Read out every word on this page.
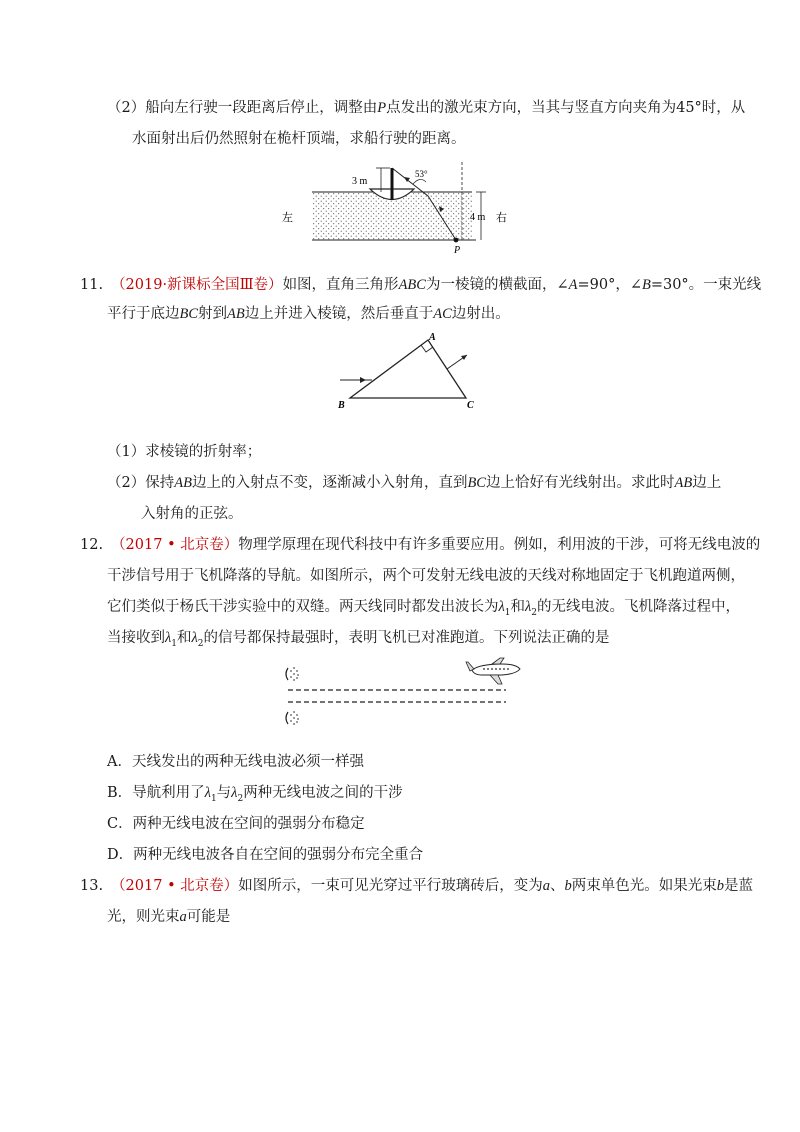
（2）船向左行驶一段距离后停止，调整由P点发出的激光束方向，当其与竖直方向夹角为45°时，从
水面射出后仍然照射在桅杆顶端，求船行驶的距离。
3 m
53°
4 m
P
左	右
11. （2019·新课标全国Ⅲ卷）如图，直角三角形ABC为一棱镜的横截面，∠A=90°，∠B=30°。一束光线
平行于底边BC射到AB边上并进入棱镜，然后垂直于AC边射出。
A
B	C
（1）求棱镜的折射率；
（2）保持AB边上的入射点不变，逐渐减小入射角，直到BC边上恰好有光线射出。求此时AB边上
入射角的正弦。
12. （2017 • 北京卷）物理学原理在现代科技中有许多重要应用。例如，利用波的干涉，可将无线电波的
干涉信号用于飞机降落的导航。如图所示，两个可发射无线电波的天线对称地固定于飞机跑道两侧，
它们类似于杨氏干涉实验中的双缝。两天线同时都发出波长为$\lambda_1$和$\lambda_2$的无线电波。飞机降落过程中，
当接收到$\lambda_1$和$\lambda_2$的信号都保持最强时，表明飞机已对准跑道。下列说法正确的是
A．天线发出的两种无线电波必须一样强
B．导航利用了$\lambda_1$与$\lambda_2$两种无线电波之间的干涉
C．两种无线电波在空间的强弱分布稳定
D．两种无线电波各自在空间的强弱分布完全重合
13. （2017 • 北京卷）如图所示，一束可见光穿过平行玻璃砖后，变为a、b两束单色光。如果光束b是蓝
光，则光束a可能是
